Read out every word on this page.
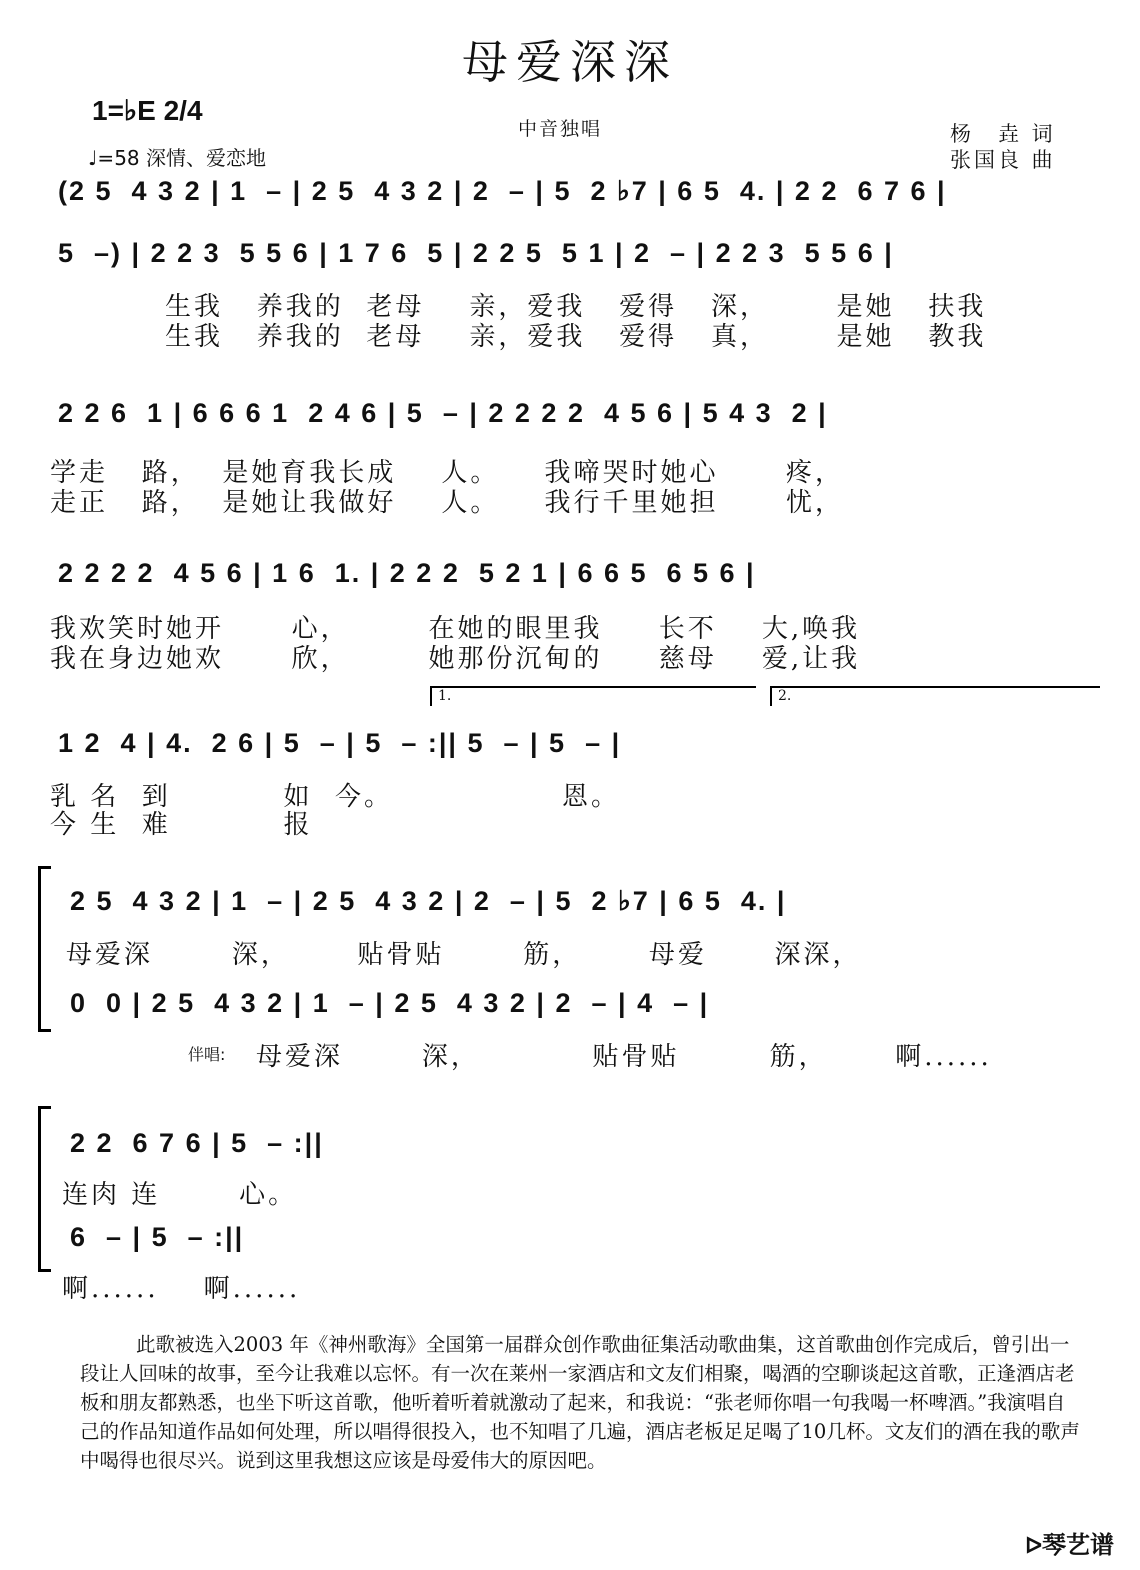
母爱深深
1=♭E 2/4
♩=58 深情、爱恋地
中音独唱	杨　垚 词
张国良 曲
(2 5  4 3 2 | 1  – | 2 5  4 3 2 | 2  – | 5  2 ♭7 | 6 5  4. | 2 2  6 7 6 |
5  –) | 2 2 3  5 5 6 | 1 7 6  5 | 2 2 5  5 1 | 2  – | 2 2 3  5 5 6 |
生我   养我的  老母    亲，爱我   爱得   深，      是她   扶我
生我   养我的  老母    亲，爱我   爱得   真，      是她   教我
2 2 6  1 | 6 6 6 1  2 4 6 | 5  – | 2 2 2 2  4 5 6 | 5 4 3  2 |
学走   路，  是她育我长成    人。    我啼哭时她心      疼，
走正   路，  是她让我做好    人。    我行千里她担      忧，
2 2 2 2  4 5 6 | 1 6  1. | 2 2 2  5 2 1 | 6 6 5  6 5 6 |
我欢笑时她开      心，       在她的眼里我     长不    大,唤我
我在身边她欢      欣，       她那份沉甸的     慈母    爱,让我
1.	2.
1 2  4 | 4.  2 6 | 5  – | 5  – :|| 5  – | 5  – |
乳 名  到          如  今。               恩。
今 生  难          报
2 5  4 3 2 | 1  – | 2 5  4 3 2 | 2  – | 5  2 ♭7 | 6 5  4. |
母爱深       深，      贴骨贴       筋，      母爱      深深，
0  0 | 2 5  4 3 2 | 1  – | 2 5  4 3 2 | 2  – | 4  – |
伴唱: 母爱深       深，          贴骨贴        筋，      啊......
2 2  6 7 6 | 5  – :||
连肉 连       心。
6  – | 5  – :||
啊......    啊......
此歌被选入2003 年《神州歌海》全国第一届群众创作歌曲征集活动歌曲集，这首歌曲创作完成后，曾引出一段让人回味的故事，至今让我难以忘怀。有一次在莱州一家酒店和文友们相聚，喝酒的空聊谈起这首歌，正逢酒店老板和朋友都熟悉，也坐下听这首歌，他听着听着就激动了起来，和我说：“张老师你唱一句我喝一杯啤酒。”我演唱自己的作品知道作品如何处理，所以唱得很投入，也不知唱了几遍，酒店老板足足喝了10几杯。文友们的酒在我的歌声中喝得也很尽兴。说到这里我想这应该是母爱伟大的原因吧。
ᐅ琴艺谱
